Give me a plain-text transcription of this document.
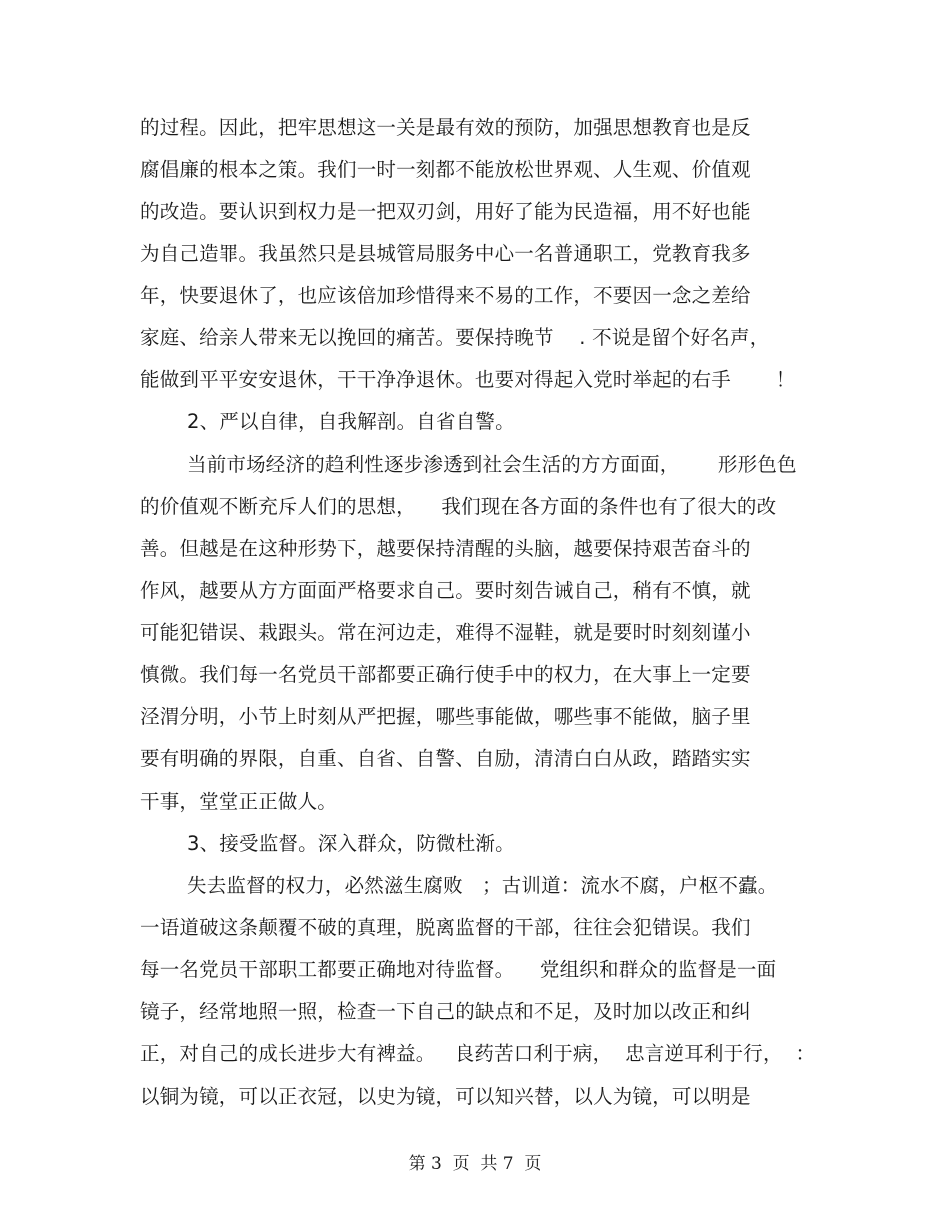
的过程。因此，把牢思想这一关是最有效的预防，加强思想教育也是反
腐倡廉的根本之策。我们一时一刻都不能放松世界观、人生观、价值观
的改造。要认识到权力是一把双刃剑，用好了能为民造福，用不好也能
为自己造罪。我虽然只是县城管局服务中心一名普通职工，党教育我多
年，快要退休了，也应该倍加珍惜得来不易的工作，不要因一念之差给
家庭、给亲人带来无以挽回的痛苦。要保持晚节    . 不说是留个好名声，
能做到平平安安退休，干干净净退休。也要对得起入党时举起的右手       ！
2、严以自律，自我解剖。自省自警。
当前市场经济的趋利性逐步渗透到社会生活的方方面面，      形形色色
的价值观不断充斥人们的思想，    我们现在各方面的条件也有了很大的改
善。但越是在这种形势下，越要保持清醒的头脑，越要保持艰苦奋斗的
作风，越要从方方面面严格要求自己。要时刻告诫自己，稍有不慎，就
可能犯错误、栽跟头。常在河边走，难得不湿鞋，就是要时时刻刻谨小
慎微。我们每一名党员干部都要正确行使手中的权力，在大事上一定要
泾渭分明，小节上时刻从严把握，哪些事能做，哪些事不能做，脑子里
要有明确的界限，自重、自省、自警、自励，清清白白从政，踏踏实实
干事，堂堂正正做人。
3、接受监督。深入群众，防微杜渐。
失去监督的权力，必然滋生腐败   ；古训道：流水不腐，户枢不蠹。
一语道破这条颠覆不破的真理，脱离监督的干部，往往会犯错误。我们
每一名党员干部职工都要正确地对待监督。    党组织和群众的监督是一面
镜子，经常地照一照，检查一下自己的缺点和不足，及时加以改正和纠
正，对自己的成长进步大有裨益。   良药苦口利于病，  忠言逆耳利于行，  ：
以铜为镜，可以正衣冠，以史为镜，可以知兴替，以人为镜，可以明是
第 3  页  共 7  页
